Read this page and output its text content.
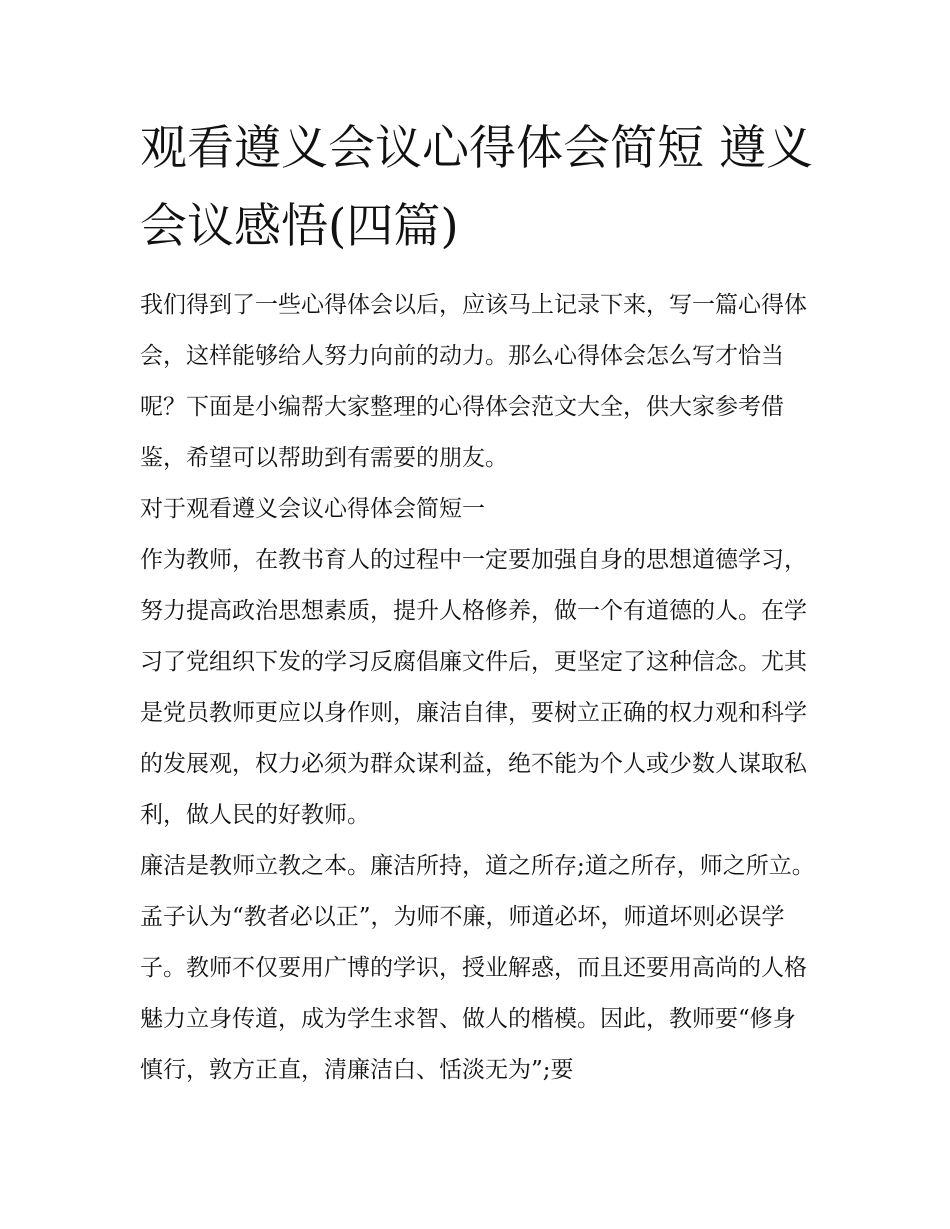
观看遵义会议心得体会简短 遵义会议感悟(四篇)

我们得到了一些心得体会以后，应该马上记录下来，写一篇心得体会，这样能够给人努力向前的动力。那么心得体会怎么写才恰当呢？下面是小编帮大家整理的心得体会范文大全，供大家参考借鉴，希望可以帮助到有需要的朋友。

对于观看遵义会议心得体会简短一

作为教师，在教书育人的过程中一定要加强自身的思想道德学习，努力提高政治思想素质，提升人格修养，做一个有道德的人。在学习了党组织下发的学习反腐倡廉文件后，更坚定了这种信念。尤其是党员教师更应以身作则，廉洁自律，要树立正确的权力观和科学的发展观，权力必须为群众谋利益，绝不能为个人或少数人谋取私利，做人民的好教师。

廉洁是教师立教之本。廉洁所持，道之所存;道之所存，师之所立。孟子认为“教者必以正”，为师不廉，师道必坏，师道坏则必误学子。教师不仅要用广博的学识，授业解惑，而且还要用高尚的人格魅力立身传道，成为学生求智、做人的楷模。因此，教师要“修身慎行，敦方正直，清廉洁白、恬淡无为”;要
